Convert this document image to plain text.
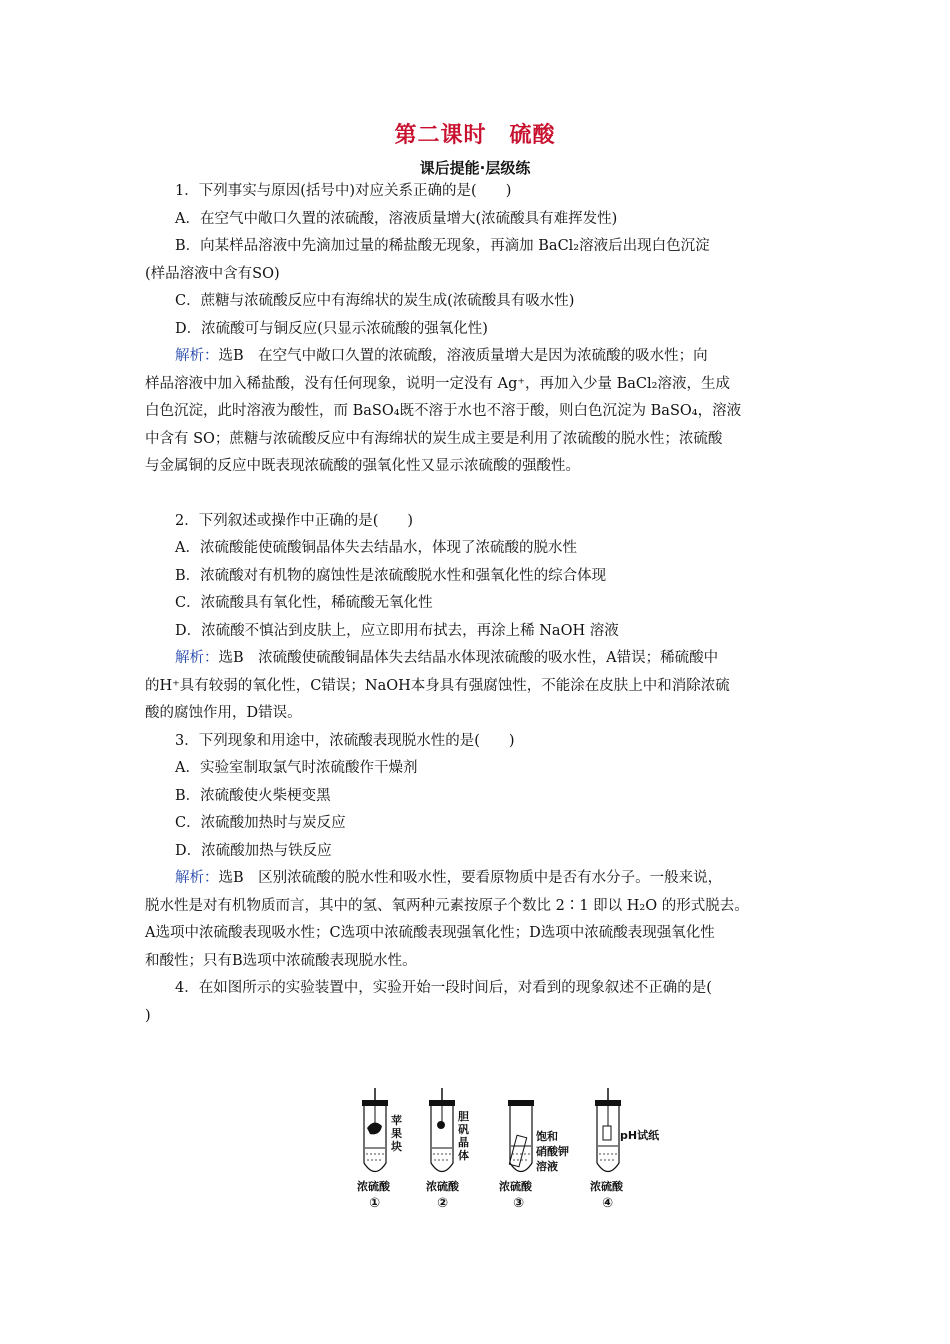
第二课时　硫酸
课后提能·层级练
1．下列事实与原因(括号中)对应关系正确的是(　　)
A．在空气中敞口久置的浓硫酸，溶液质量增大(浓硫酸具有难挥发性)
B．向某样品溶液中先滴加过量的稀盐酸无现象，再滴加 BaCl₂溶液后出现白色沉淀
(样品溶液中含有SO)
C．蔗糖与浓硫酸反应中有海绵状的炭生成(浓硫酸具有吸水性)
D．浓硫酸可与铜反应(只显示浓硫酸的强氧化性)
解析：选B　在空气中敞口久置的浓硫酸，溶液质量增大是因为浓硫酸的吸水性；向
样品溶液中加入稀盐酸，没有任何现象，说明一定没有 Ag⁺，再加入少量 BaCl₂溶液，生成
白色沉淀，此时溶液为酸性，而 BaSO₄既不溶于水也不溶于酸，则白色沉淀为 BaSO₄，溶液
中含有 SO；蔗糖与浓硫酸反应中有海绵状的炭生成主要是利用了浓硫酸的脱水性；浓硫酸
与金属铜的反应中既表现浓硫酸的强氧化性又显示浓硫酸的强酸性。
2．下列叙述或操作中正确的是(　　)
A．浓硫酸能使硫酸铜晶体失去结晶水，体现了浓硫酸的脱水性
B．浓硫酸对有机物的腐蚀性是浓硫酸脱水性和强氧化性的综合体现
C．浓硫酸具有氧化性，稀硫酸无氧化性
D．浓硫酸不慎沾到皮肤上，应立即用布拭去，再涂上稀 NaOH 溶液
解析：选B　浓硫酸使硫酸铜晶体失去结晶水体现浓硫酸的吸水性，A错误；稀硫酸中
的H⁺具有较弱的氧化性，C错误；NaOH本身具有强腐蚀性，不能涂在皮肤上中和消除浓硫
酸的腐蚀作用，D错误。
3．下列现象和用途中，浓硫酸表现脱水性的是(　　)
A．实验室制取氯气时浓硫酸作干燥剂
B．浓硫酸使火柴梗变黑
C．浓硫酸加热时与炭反应
D．浓硫酸加热与铁反应
解析：选B　区别浓硫酸的脱水性和吸水性，要看原物质中是否有水分子。一般来说，
脱水性是对有机物质而言，其中的氢、氧两种元素按原子个数比 2∶1 即以 H₂O 的形式脱去。
A选项中浓硫酸表现吸水性；C选项中浓硫酸表现强氧化性；D选项中浓硫酸表现强氧化性
和酸性；只有B选项中浓硫酸表现脱水性。
4．在如图所示的实验装置中，实验开始一段时间后，对看到的现象叙述不正确的是(
)
苹果块
胆矾晶体
饱和
硝酸钾
溶液
pH试纸
浓硫酸	浓硫酸	浓硫酸	浓硫酸
①	②	③	④
